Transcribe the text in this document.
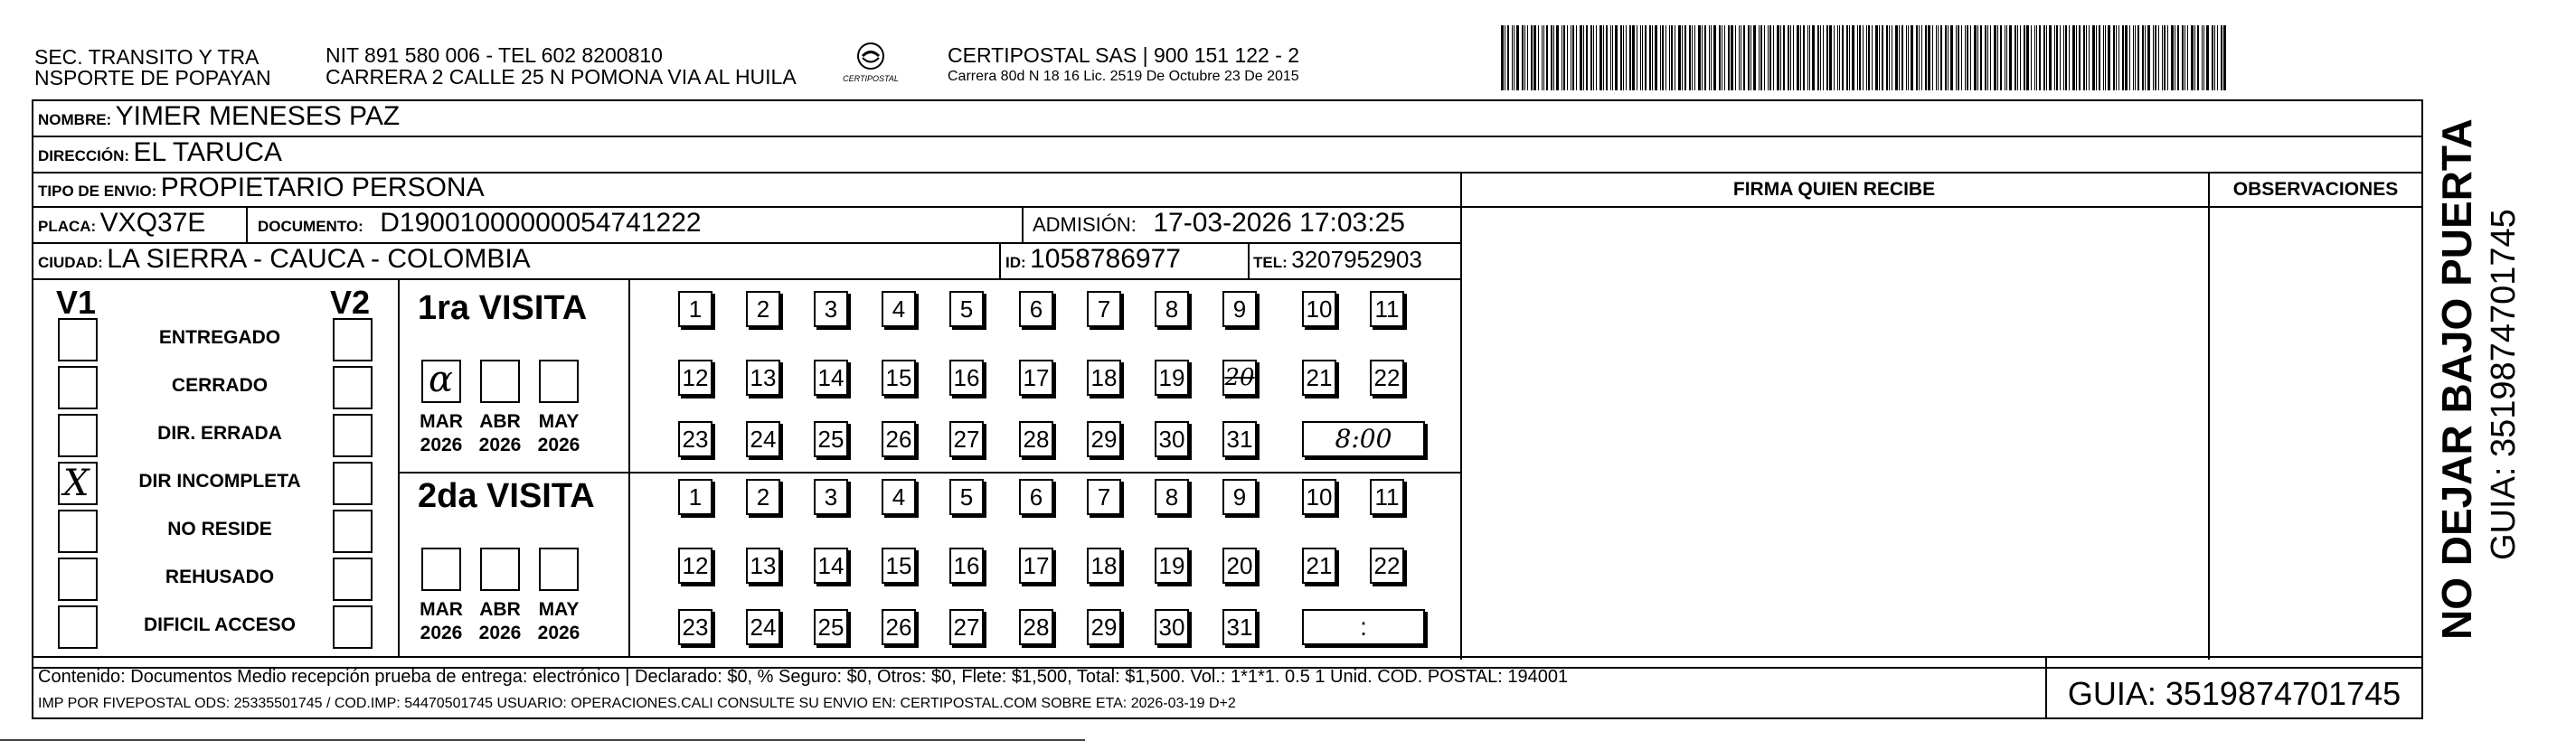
SEC. TRANSITO Y TRA
NSPORTE DE POPAYAN
NIT 891 580 006 - TEL 602 8200810
CARRERA 2 CALLE 25 N POMONA VIA AL HUILA	CERTIPOSTAL
CERTIPOSTAL SAS | 900 151 122 - 2
Carrera 80d N 18 16 Lic. 2519 De Octubre 23 De 2015
FIRMA QUIEN RECIBE	OBSERVACIONES
NOMBRE: YIMER MENESES PAZ
DIRECCIÓN: EL TARUCA
TIPO DE ENVIO: PROPIETARIO PERSONA
PLACA: VXQ37E	DOCUMENTO: D19001000000054741222	ADMISIÓN: 17-03-2026 17:03:25
CIUDAD: LA SIERRA - CAUCA - COLOMBIA	ID: 1058786977	TEL: 3207952903
V1	V2
ENTREGADO
CERRADO
DIR. ERRADA
X	DIR INCOMPLETA
NO RESIDE
REHUSADO
DIFICIL ACCESO
1ra VISITA
2da VISITA
α
MAR
2026
ABR
2026
MAY
2026
1	2	3	4	5	6	7	8	9	10 11
12 13 14 15 16 17 18 19 20 21 22
23 24 25 26 27 28 29 30 31	8:00
MAR
2026
ABR
2026
MAY
2026
1	2	3	4	5	6	7	8	9	10 11
12 13 14 15 16 17 18 19 20 21 22
23 24 25 26 27 28 29 30 31	:
Contenido: Documentos Medio recepción prueba de entrega: electrónico | Declarado: $0, % Seguro: $0, Otros: $0, Flete: $1,500, Total: $1,500. Vol.: 1*1*1. 0.5 1 Unid. COD. POSTAL: 194001
IMP POR FIVEPOSTAL ODS: 25335501745 / COD.IMP: 54470501745 USUARIO: OPERACIONES.CALI CONSULTE SU ENVIO EN: CERTIPOSTAL.COM SOBRE ETA: 2026-03-19 D+2	GUIA: 3519874701745
NO DEJAR BAJO PUERTA GUIA: 3519874701745
